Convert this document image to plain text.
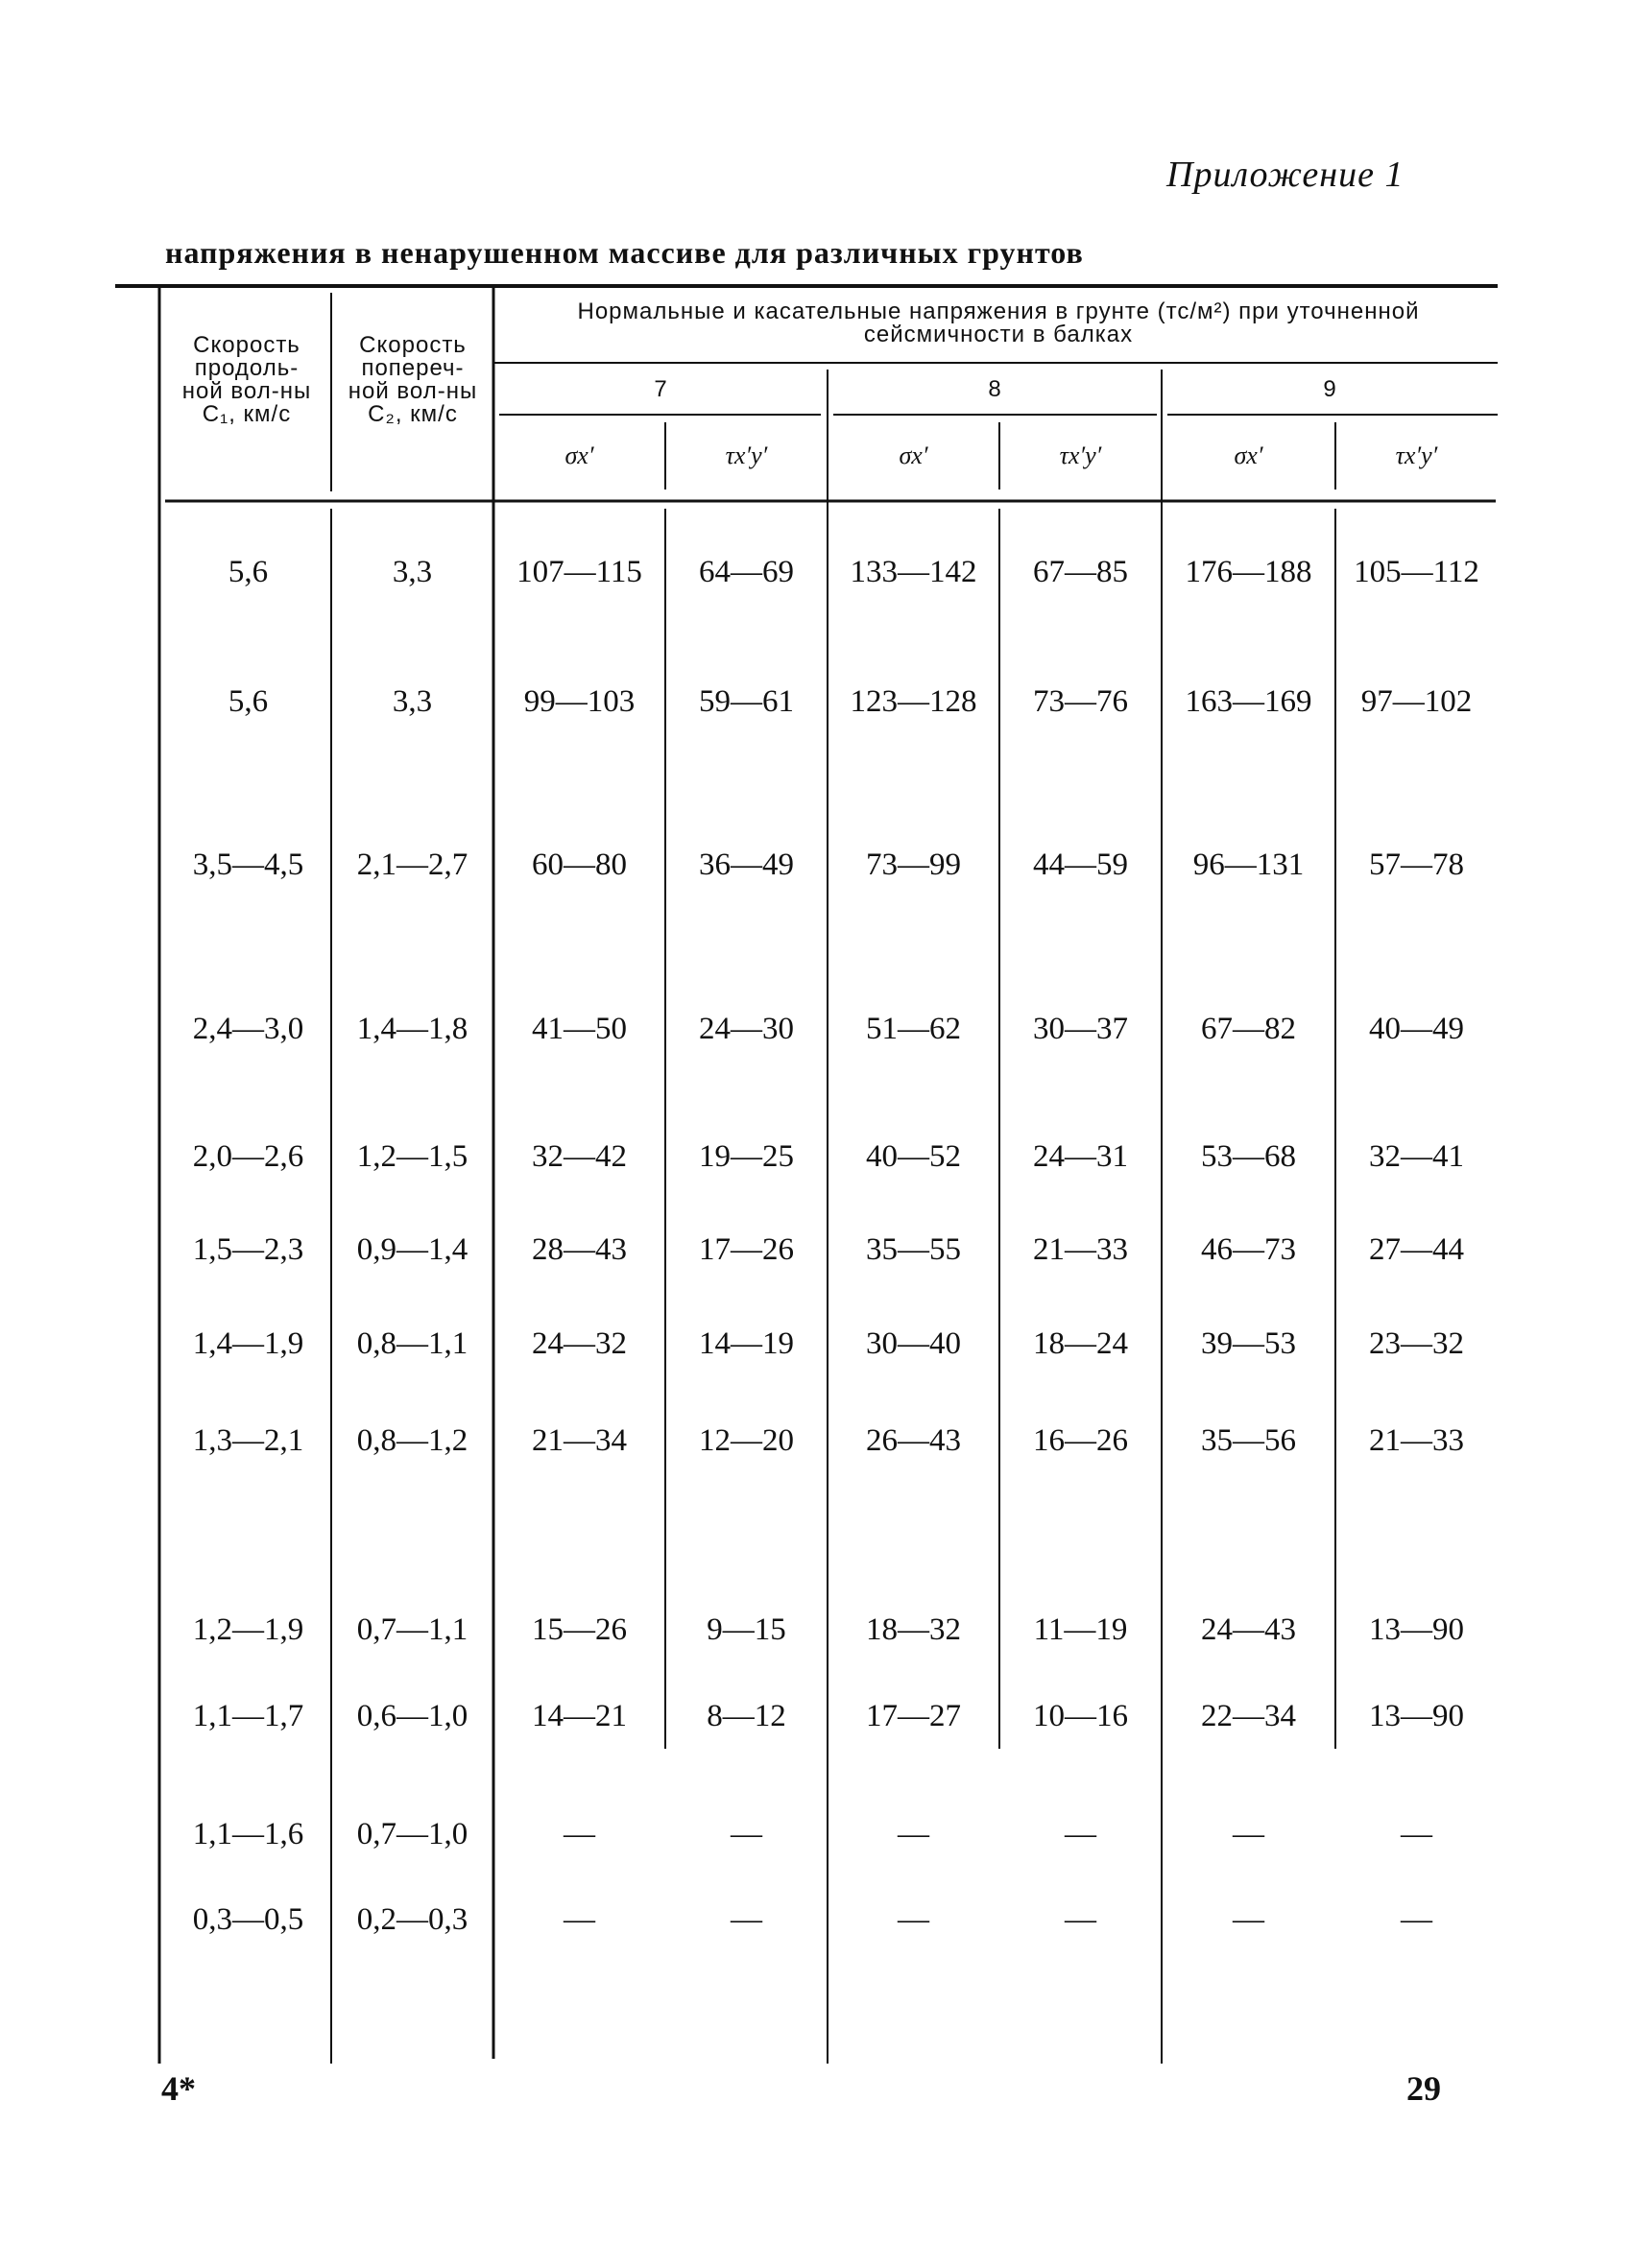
Приложение 1
напряжения в ненарушенном массиве для различных грунтов
Скорость продоль-ной вол-ны C₁, км/с
Скорость попереч-ной вол-ны C₂, км/с
Нормальные и касательные напряжения в грунте (тс/м²) при уточненной сейсмичности в балках
7	8	9
σx′	τx′y′	σx′	τx′y′	σx′	τx′y′
5,6	3,3	107—115	64—69	133—142	67—85	176—188	105—112
5,6	3,3	99—103	59—61	123—128	73—76	163—169	97—102
3,5—4,5	2,1—2,7	60—80	36—49	73—99	44—59	96—131	57—78
2,4—3,0	1,4—1,8	41—50	24—30	51—62	30—37	67—82	40—49
2,0—2,6	1,2—1,5	32—42	19—25	40—52	24—31	53—68	32—41
1,5—2,3	0,9—1,4	28—43	17—26	35—55	21—33	46—73	27—44
1,4—1,9	0,8—1,1	24—32	14—19	30—40	18—24	39—53	23—32
1,3—2,1	0,8—1,2	21—34	12—20	26—43	16—26	35—56	21—33
1,2—1,9	0,7—1,1	15—26	9—15	18—32	11—19	24—43	13—90
1,1—1,7	0,6—1,0	14—21	8—12	17—27	10—16	22—34	13—90
1,1—1,6	0,7—1,0	—	—	—	—	—	—
0,3—0,5	0,2—0,3	—	—	—	—	—	—
4*	29
